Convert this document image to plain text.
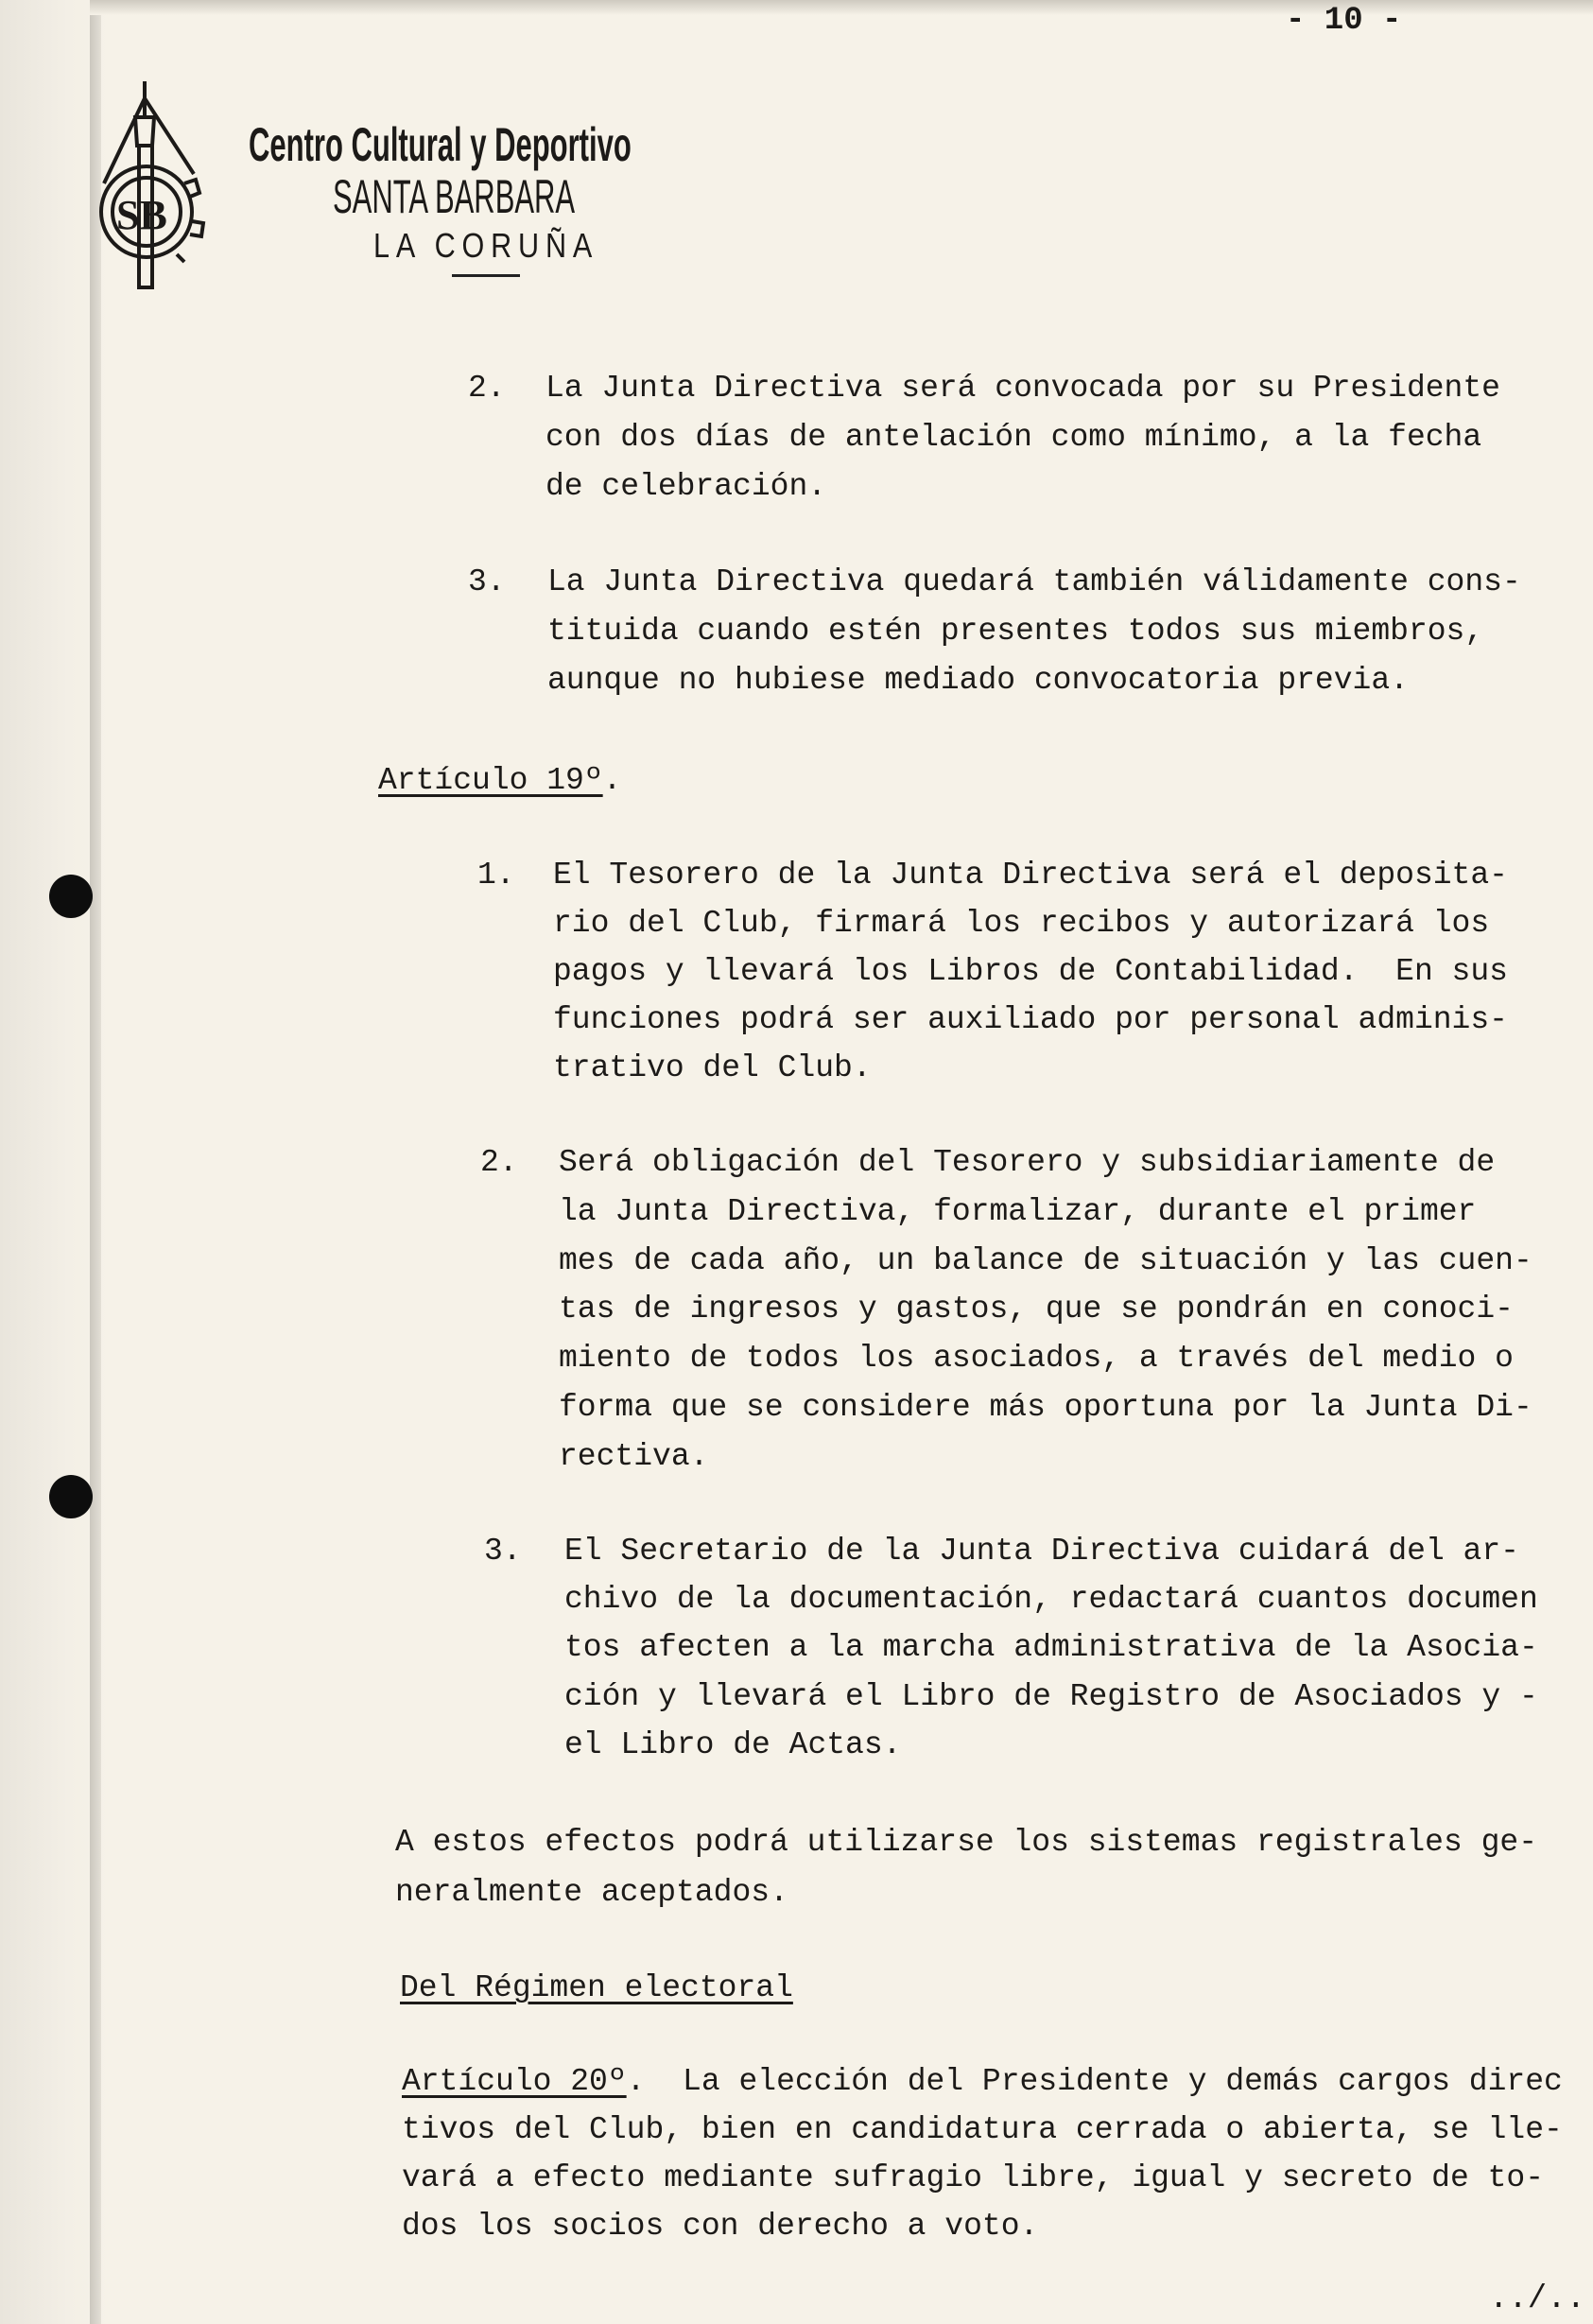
- 10 -
SB
Centro Cultural y Deportivo
SANTA BARBARA
LA CORUÑA
2. La Junta Directiva será convocada por su Presidente
con dos días de antelación como mínimo, a la fecha
de celebración.
3. La Junta Directiva quedará también válidamente cons-
tituida cuando estén presentes todos sus miembros,
aunque no hubiese mediado convocatoria previa.
Artículo 19º.
1. El Tesorero de la Junta Directiva será el deposita-
rio del Club, firmará los recibos y autorizará los
pagos y llevará los Libros de Contabilidad.  En sus
funciones podrá ser auxiliado por personal adminis-
trativo del Club.
2. Será obligación del Tesorero y subsidiariamente de
la Junta Directiva, formalizar, durante el primer
mes de cada año, un balance de situación y las cuen-
tas de ingresos y gastos, que se pondrán en conoci-
miento de todos los asociados, a través del medio o
forma que se considere más oportuna por la Junta Di-
rectiva.
3. El Secretario de la Junta Directiva cuidará del ar-
chivo de la documentación, redactará cuantos documen
tos afecten a la marcha administrativa de la Asocia-
ción y llevará el Libro de Registro de Asociados y -
el Libro de Actas.
A estos efectos podrá utilizarse los sistemas registrales ge-
neralmente aceptados.
Del Régimen electoral
Artículo 20º.  La elección del Presidente y demás cargos direc
tivos del Club, bien en candidatura cerrada o abierta, se lle-
vará a efecto mediante sufragio libre, igual y secreto de to-
dos los socios con derecho a voto.
../..
